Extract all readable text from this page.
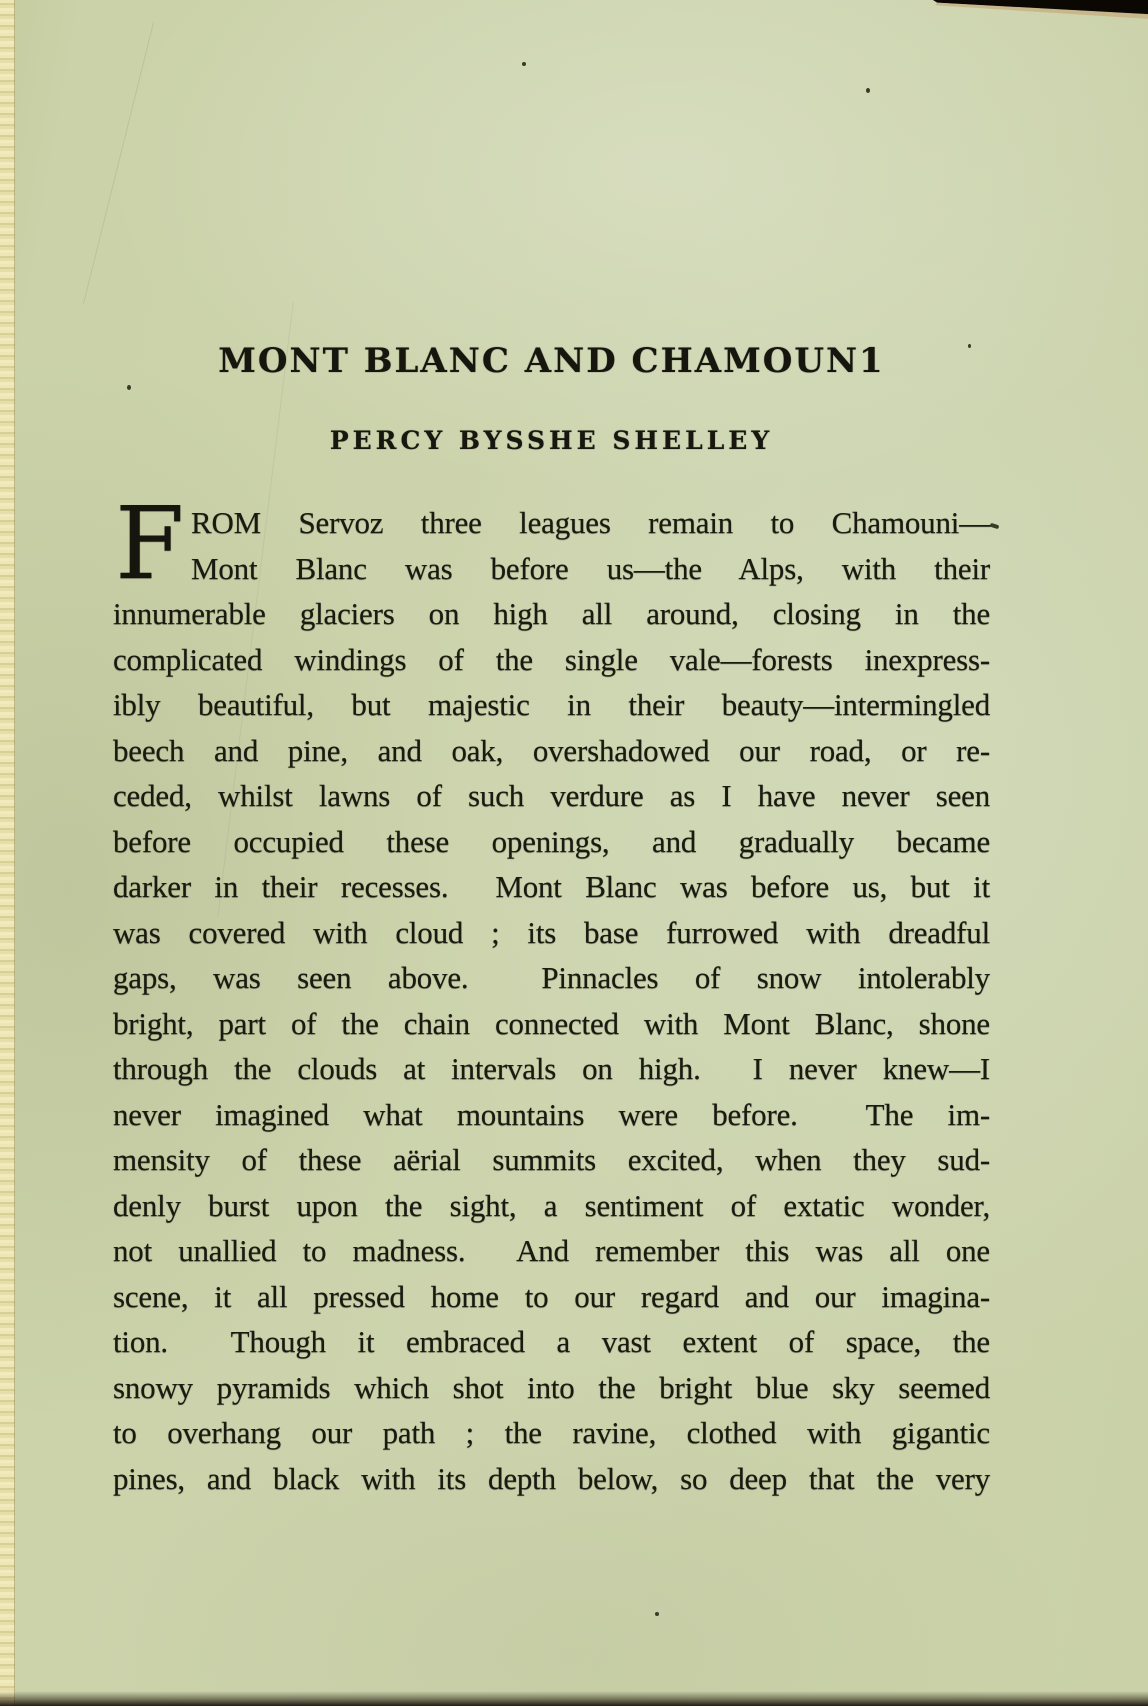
MONT BLANC AND CHAMOUN1
PERCY BYSSHE SHELLEY
F ROM Servoz three leagues remain to Chamouni—
Mont Blanc was before us—the Alps, with their
innumerable glaciers on high all around, closing in the
complicated windings of the single vale—forests inexpress-
ibly beautiful, but majestic in their beauty—intermingled
beech and pine, and oak, overshadowed our road, or re-
ceded, whilst lawns of such verdure as I have never seen
before occupied these openings, and gradually became
darker in their recesses.  Mont Blanc was before us, but it
was covered with cloud ; its base furrowed with dreadful
gaps, was seen above.  Pinnacles of snow intolerably
bright, part of the chain connected with Mont Blanc, shone
through the clouds at intervals on high.  I never knew—I
never imagined what mountains were before.  The im-
mensity of these aërial summits excited, when they sud-
denly burst upon the sight, a sentiment of extatic wonder,
not unallied to madness.  And remember this was all one
scene, it all pressed home to our regard and our imagina-
tion.  Though it embraced a vast extent of space, the
snowy pyramids which shot into the bright blue sky seemed
to overhang our path ; the ravine, clothed with gigantic
pines, and black with its depth below, so deep that the very
